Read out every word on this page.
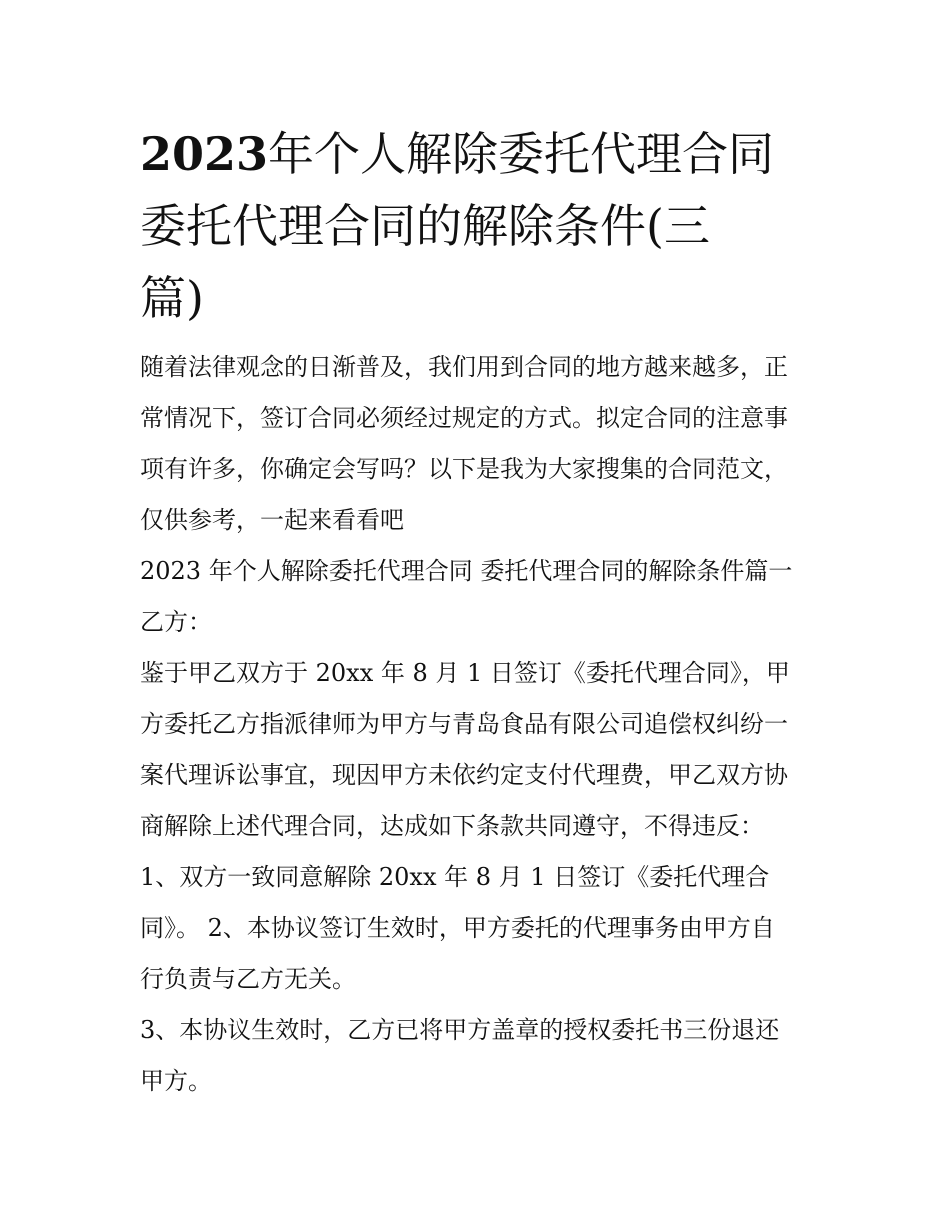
2023年个人解除委托代理合同
委托代理合同的解除条件(三
篇)

随着法律观念的日渐普及，我们用到合同的地方越来越多，正

常情况下，签订合同必须经过规定的方式。拟定合同的注意事

项有许多，你确定会写吗？以下是我为大家搜集的合同范文，

仅供参考，一起来看看吧

2023 年个人解除委托代理合同 委托代理合同的解除条件篇一

乙方：

鉴于甲乙双方于 20xx 年 8 月 1 日签订《委托代理合同》，甲

方委托乙方指派律师为甲方与青岛食品有限公司追偿权纠纷一

案代理诉讼事宜，现因甲方未依约定支付代理费，甲乙双方协

商解除上述代理合同，达成如下条款共同遵守，不得违反：

1、双方一致同意解除 20xx 年 8 月 1 日签订《委托代理合

同》。 2、本协议签订生效时，甲方委托的代理事务由甲方自

行负责与乙方无关。

3、本协议生效时，乙方已将甲方盖章的授权委托书三份退还

甲方。
